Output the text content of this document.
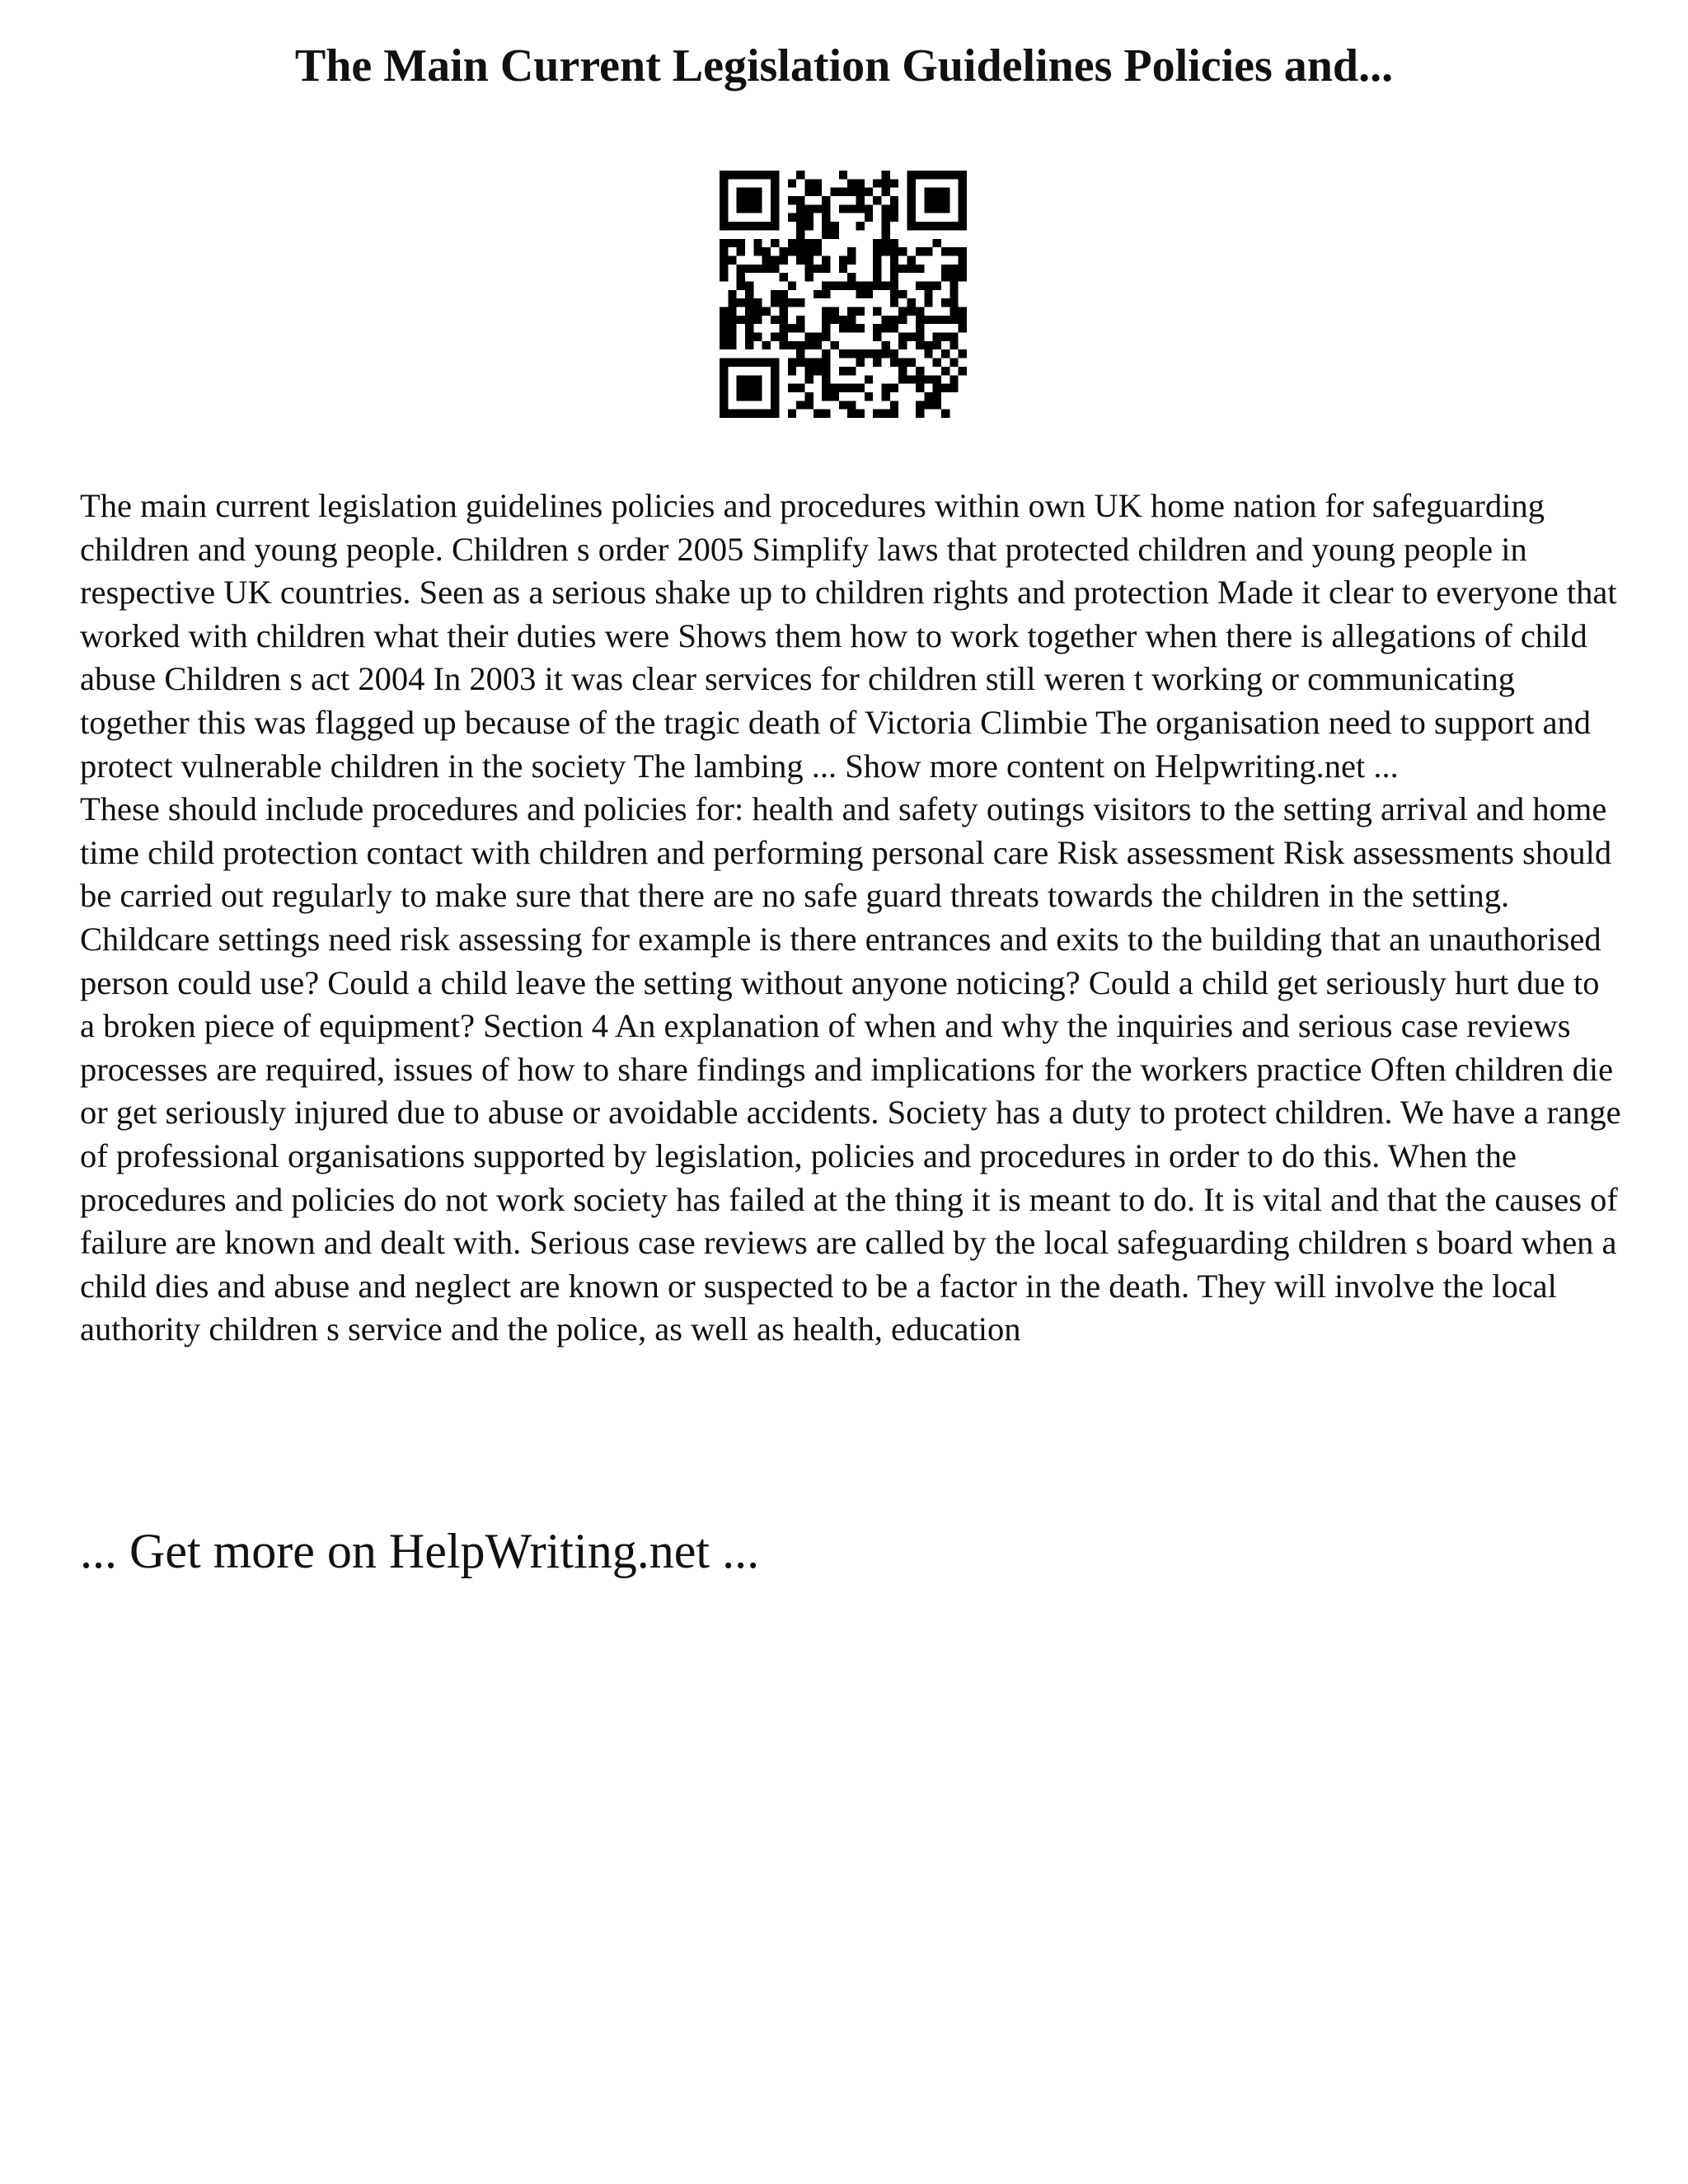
The Main Current Legislation Guidelines Policies and...

The main current legislation guidelines policies and procedures within own UK home nation for safeguarding children and young people. Children s order 2005 Simplify laws that protected children and young people in respective UK countries. Seen as a serious shake up to children rights and protection Made it clear to everyone that worked with children what their duties were Shows them how to work together when there is allegations of child abuse Children s act 2004 In 2003 it was clear services for children still weren t working or communicating together this was flagged up because of the tragic death of Victoria Climbie The organisation need to support and protect vulnerable children in the society The lambing ... Show more content on Helpwriting.net ...

These should include procedures and policies for: health and safety outings visitors to the setting arrival and home time child protection contact with children and performing personal care Risk assessment Risk assessments should be carried out regularly to make sure that there are no safe guard threats towards the children in the setting. Childcare settings need risk assessing for example is there entrances and exits to the building that an unauthorised person could use? Could a child leave the setting without anyone noticing? Could a child get seriously hurt due to a broken piece of equipment? Section 4 An explanation of when and why the inquiries and serious case reviews processes are required, issues of how to share findings and implications for the workers practice Often children die or get seriously injured due to abuse or avoidable accidents. Society has a duty to protect children. We have a range of professional organisations supported by legislation, policies and procedures in order to do this. When the procedures and policies do not work society has failed at the thing it is meant to do. It is vital and that the causes of failure are known and dealt with. Serious case reviews are called by the local safeguarding children s board when a child dies and abuse and neglect are known or suspected to be a factor in the death. They will involve the local authority children s service and the police, as well as health, education

... Get more on HelpWriting.net ...
